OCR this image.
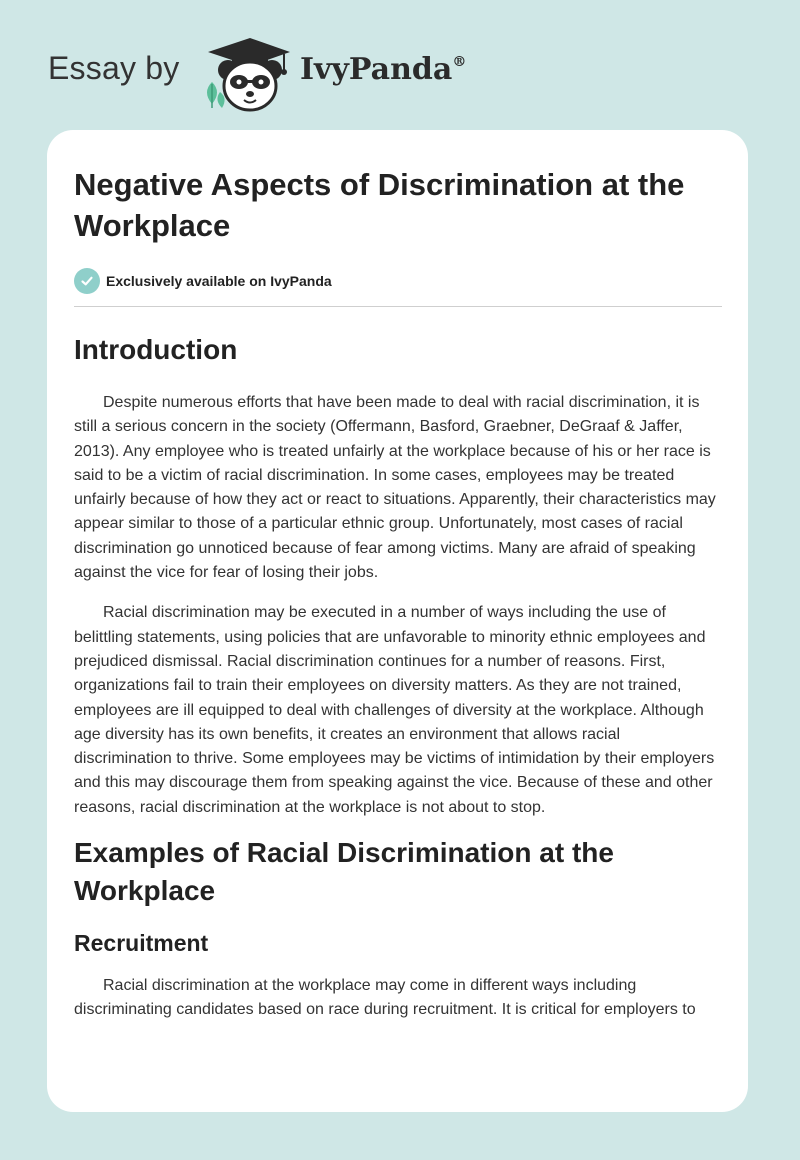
Essay by	IvyPanda®
Negative Aspects of Discrimination at the Workplace
Exclusively available on IvyPanda
Introduction

Despite numerous efforts that have been made to deal with racial discrimination, it is still a serious concern in the society (Offermann, Basford, Graebner, DeGraaf & Jaffer, 2013). Any employee who is treated unfairly at the workplace because of his or her race is said to be a victim of racial discrimination. In some cases, employees may be treated unfairly because of how they act or react to situations. Apparently, their characteristics may appear similar to those of a particular ethnic group. Unfortunately, most cases of racial discrimination go unnoticed because of fear among victims. Many are afraid of speaking against the vice for fear of losing their jobs.

Racial discrimination may be executed in a number of ways including the use of belittling statements, using policies that are unfavorable to minority ethnic employees and prejudiced dismissal. Racial discrimination continues for a number of reasons. First, organizations fail to train their employees on diversity matters. As they are not trained, employees are ill equipped to deal with challenges of diversity at the workplace. Although age diversity has its own benefits, it creates an environment that allows racial discrimination to thrive. Some employees may be victims of intimidation by their employers and this may discourage them from speaking against the vice. Because of these and other reasons, racial discrimination at the workplace is not about to stop.

Examples of Racial Discrimination at the Workplace
Recruitment

Racial discrimination at the workplace may come in different ways including discriminating candidates based on race during recruitment. It is critical for employers to
